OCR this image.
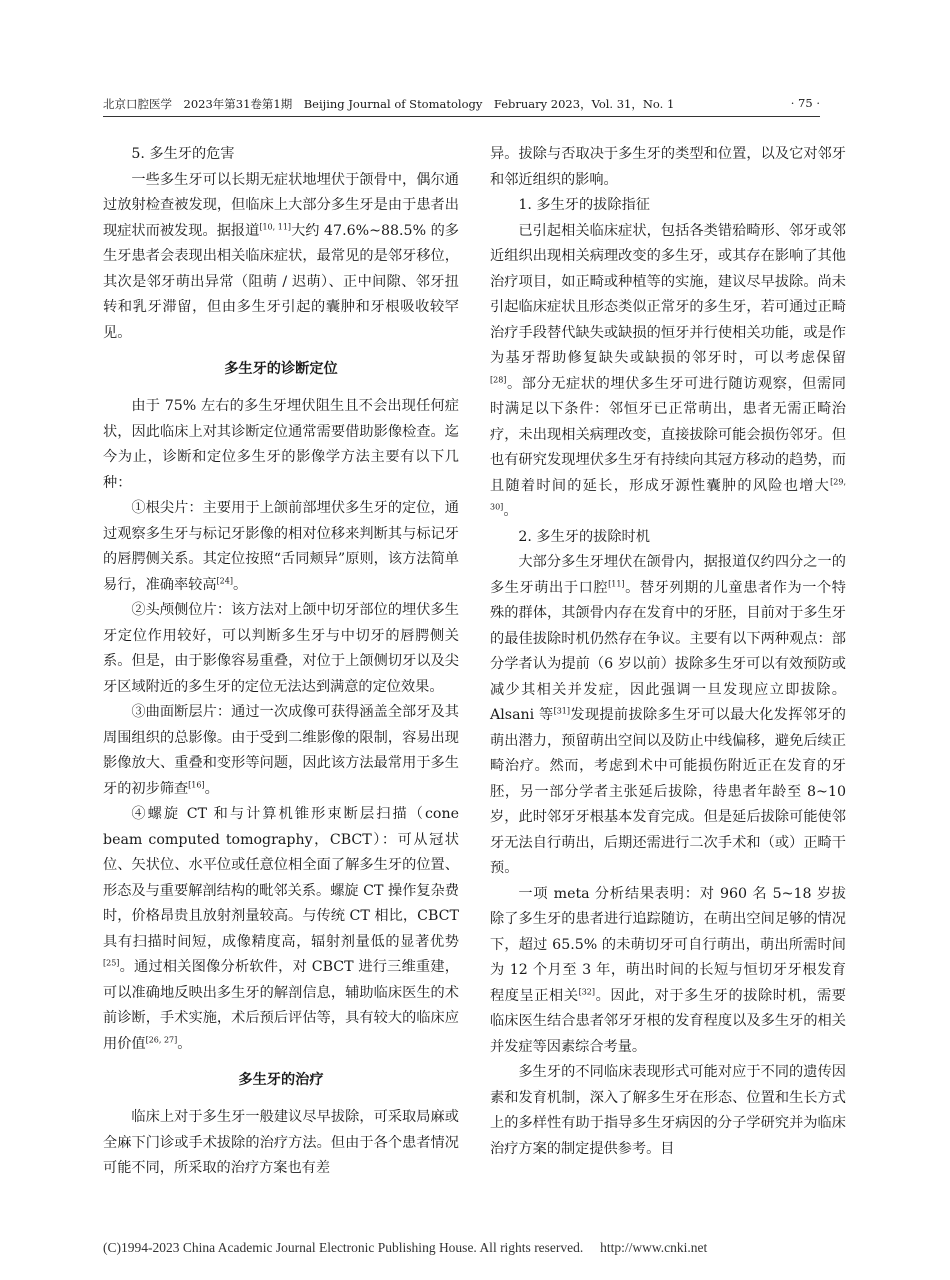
北京口腔医学　2023年第31卷第1期　Beijing Journal of Stomatology　February 2023，Vol. 31，No. 1	· 75 ·

5. 多生牙的危害

一些多生牙可以长期无症状地埋伏于颌骨中，偶尔通过放射检查被发现，但临床上大部分多生牙是由于患者出现症状而被发现。据报道[10, 11]大约 47.6%~88.5% 的多生牙患者会表现出相关临床症状，最常见的是邻牙移位，其次是邻牙萌出异常（阻萌 / 迟萌）、正中间隙、邻牙扭转和乳牙滞留，但由多生牙引起的囊肿和牙根吸收较罕见。

多生牙的诊断定位

由于 75% 左右的多生牙埋伏阻生且不会出现任何症状，因此临床上对其诊断定位通常需要借助影像检查。迄今为止，诊断和定位多生牙的影像学方法主要有以下几种：

①根尖片：主要用于上颌前部埋伏多生牙的定位，通过观察多生牙与标记牙影像的相对位移来判断其与标记牙的唇腭侧关系。其定位按照“舌同颊异”原则，该方法简单易行，准确率较高[24]。

②头颅侧位片：该方法对上颌中切牙部位的埋伏多生牙定位作用较好，可以判断多生牙与中切牙的唇腭侧关系。但是，由于影像容易重叠，对位于上颌侧切牙以及尖牙区域附近的多生牙的定位无法达到满意的定位效果。

③曲面断层片：通过一次成像可获得涵盖全部牙及其周围组织的总影像。由于受到二维影像的限制，容易出现影像放大、重叠和变形等问题，因此该方法最常用于多生牙的初步筛查[16]。

④螺旋 CT 和与计算机锥形束断层扫描（cone beam computed tomography，CBCT）：可从冠状位、矢状位、水平位或任意位相全面了解多生牙的位置、形态及与重要解剖结构的毗邻关系。螺旋 CT 操作复杂费时，价格昂贵且放射剂量较高。与传统 CT 相比，CBCT 具有扫描时间短，成像精度高，辐射剂量低的显著优势[25]。通过相关图像分析软件，对 CBCT 进行三维重建，可以准确地反映出多生牙的解剖信息，辅助临床医生的术前诊断，手术实施，术后预后评估等，具有较大的临床应用价值[26, 27]。

多生牙的治疗

临床上对于多生牙一般建议尽早拔除，可采取局麻或全麻下门诊或手术拔除的治疗方法。但由于各个患者情况可能不同，所采取的治疗方案也有差

异。拔除与否取决于多生牙的类型和位置，以及它对邻牙和邻近组织的影响。

1. 多生牙的拔除指征

已引起相关临床症状，包括各类错𬌗畸形、邻牙或邻近组织出现相关病理改变的多生牙，或其存在影响了其他治疗项目，如正畸或种植等的实施，建议尽早拔除。尚未引起临床症状且形态类似正常牙的多生牙，若可通过正畸治疗手段替代缺失或缺损的恒牙并行使相关功能，或是作为基牙帮助修复缺失或缺损的邻牙时，可以考虑保留[28]。部分无症状的埋伏多生牙可进行随访观察，但需同时满足以下条件：邻恒牙已正常萌出，患者无需正畸治疗，未出现相关病理改变，直接拔除可能会损伤邻牙。但也有研究发现埋伏多生牙有持续向其冠方移动的趋势，而且随着时间的延长，形成牙源性囊肿的风险也增大[29, 30]。

2. 多生牙的拔除时机

大部分多生牙埋伏在颌骨内，据报道仅约四分之一的多生牙萌出于口腔[11]。替牙列期的儿童患者作为一个特殊的群体，其颌骨内存在发育中的牙胚，目前对于多生牙的最佳拔除时机仍然存在争议。主要有以下两种观点：部分学者认为提前（6 岁以前）拔除多生牙可以有效预防或减少其相关并发症，因此强调一旦发现应立即拔除。Alsani 等[31]发现提前拔除多生牙可以最大化发挥邻牙的萌出潜力，预留萌出空间以及防止中线偏移，避免后续正畸治疗。然而，考虑到术中可能损伤附近正在发育的牙胚，另一部分学者主张延后拔除，待患者年龄至 8~10 岁，此时邻牙牙根基本发育完成。但是延后拔除可能使邻牙无法自行萌出，后期还需进行二次手术和（或）正畸干预。

一项 meta 分析结果表明：对 960 名 5~18 岁拔除了多生牙的患者进行追踪随访，在萌出空间足够的情况下，超过 65.5% 的未萌切牙可自行萌出，萌出所需时间为 12 个月至 3 年，萌出时间的长短与恒切牙牙根发育程度呈正相关[32]。因此，对于多生牙的拔除时机，需要临床医生结合患者邻牙牙根的发育程度以及多生牙的相关并发症等因素综合考量。

多生牙的不同临床表现形式可能对应于不同的遗传因素和发育机制，深入了解多生牙在形态、位置和生长方式上的多样性有助于指导多生牙病因的分子学研究并为临床治疗方案的制定提供参考。目

(C)1994-2023 China Academic Journal Electronic Publishing House. All rights reserved.　 http://www.cnki.net
